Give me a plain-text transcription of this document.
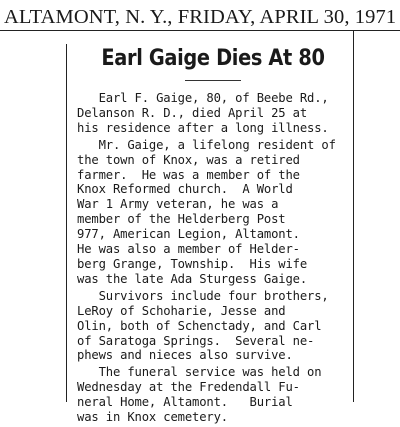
ALTAMONT, N. Y., FRIDAY, APRIL 30, 1971
Earl Gaige Dies At 80

Earl F. Gaige, 80, of Beebe Rd.,
Delanson R. D., died April 25 at
his residence after a long illness.

Mr. Gaige, a lifelong resident of
the town of Knox, was a retired
farmer.  He was a member of the
Knox Reformed church.  A World
War 1 Army veteran, he was a
member of the Helderberg Post
977, American Legion, Altamont.
He was also a member of Helder-
berg Grange, Township.  His wife
was the late Ada Sturgess Gaige.

Survivors include four brothers,
LeRoy of Schoharie, Jesse and
Olin, both of Schenctady, and Carl
of Saratoga Springs.  Several ne-
phews and nieces also survive.

The funeral service was held on
Wednesday at the Fredendall Fu-
neral Home, Altamont.   Burial
was in Knox cemetery.
